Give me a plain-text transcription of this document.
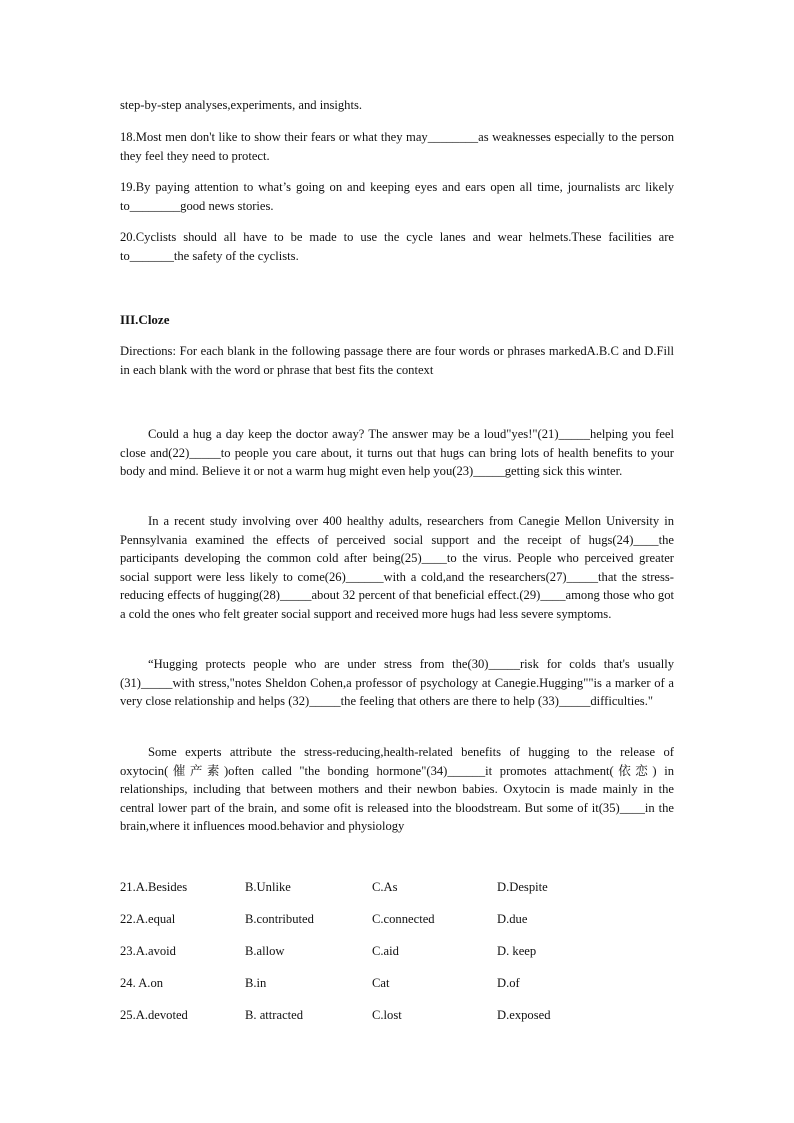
step-by-step analyses,experiments, and insights.

18.Most men don't like to show their fears or what they may________as weaknesses especially to the person they feel they need to protect.

19.By paying attention to what’s going on and keeping eyes and ears open all time, journalists arc likely to________good news stories.

20.Cyclists should all have to be made to use the cycle lanes and wear helmets.These facilities are to_______the safety of the cyclists.

III.Cloze

Directions: For each blank in the following passage there are four words or phrases markedA.B.C and D.Fill in each blank with the word or phrase that best fits the context

Could a hug a day keep the doctor away? The answer may be a loud"yes!"(21)_____helping you feel close and(22)_____to people you care about, it turns out that hugs can bring lots of health benefits to your body and mind. Believe it or not a warm hug might even help you(23)_____getting sick this winter.

In a recent study involving over 400 healthy adults, researchers from Canegie Mellon University in Pennsylvania examined the effects of perceived social support and the receipt of hugs(24)____the participants developing the common cold after being(25)____to the virus. People who perceived greater social support were less likely to come(26)______with a cold,and the researchers(27)_____that the stress-reducing effects of hugging(28)_____about 32 percent of that beneficial effect.(29)____among those who got a cold the ones who felt greater social support and received more hugs had less severe symptoms.

“Hugging protects people who are under stress from the(30)_____risk for colds that's usually (31)_____with stress,"notes Sheldon Cohen,a professor of psychology at Canegie.Hugging""is a marker of a very close relationship and helps (32)_____the feeling that others are there to help (33)_____difficulties."

Some experts attribute the stress-reducing,health-related benefits of hugging to the release of oxytocin(催产素)often called "the bonding hormone"(34)______it promotes attachment(依恋) in relationships, including that between mothers and their newbon babies. Oxytocin is made mainly in the central lower part of the brain, and some ofit is released into the bloodstream. But some of it(35)____in the brain,where it influences mood.behavior and physiology

21.A.Besides	B.Unlike	C.As	D.Despite
22.A.equal	B.contributed	C.connected	D.due
23.A.avoid	B.allow	C.aid	D. keep
24. A.on	B.in	Cat	D.of
25.A.devoted	B. attracted	C.lost	D.exposed
